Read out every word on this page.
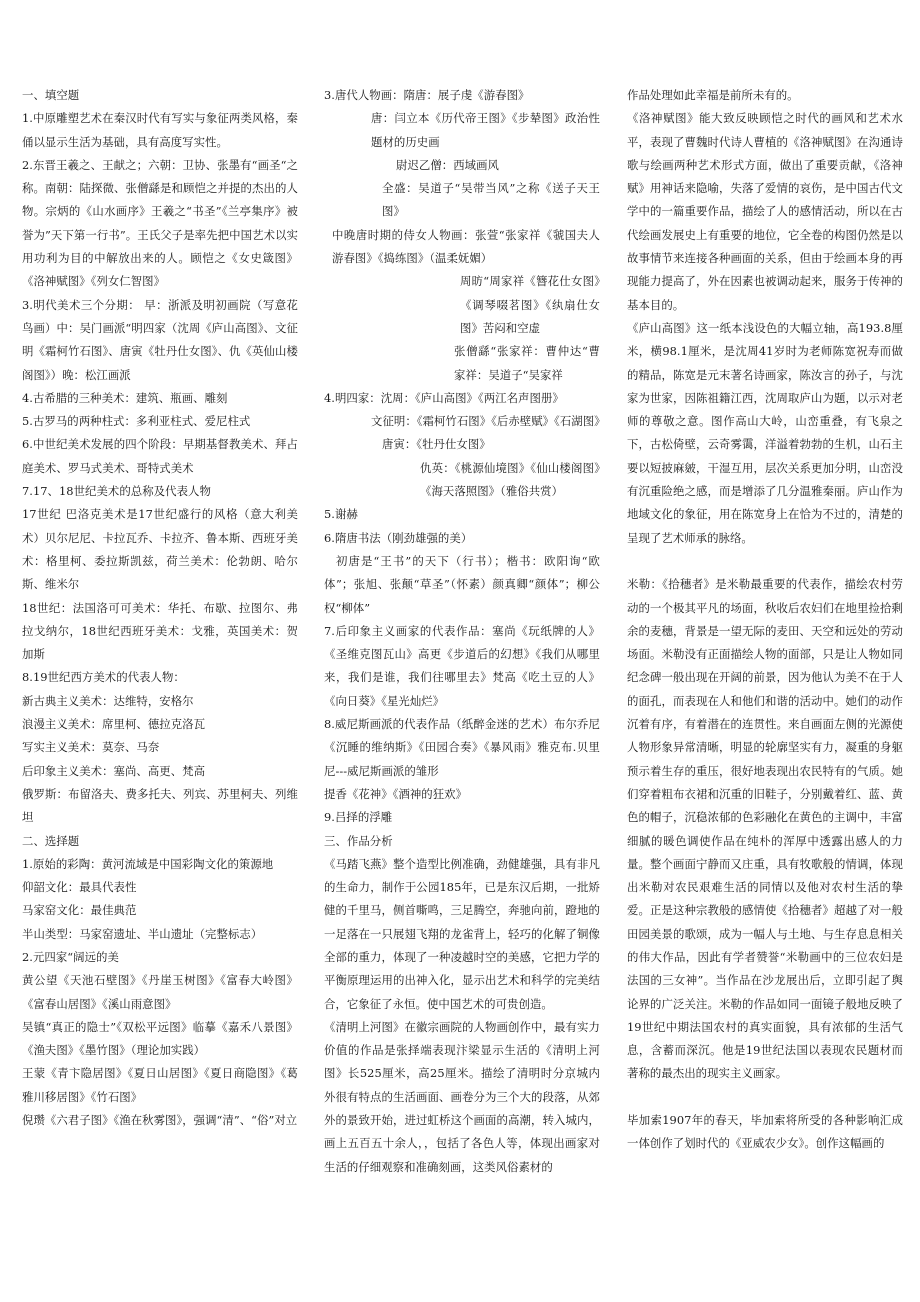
一、填空题

1.中原雕塑艺术在秦汉时代有写实与象征两类风格，秦俑以显示生活为基础，具有高度写实性。

2.东晋王羲之、王献之；六朝：卫协、张墨有“画圣“之称。南朝：陆探微、张僧繇是和顾恺之并提的杰出的人物。宗炳的《山水画序》王羲之“书圣”《兰亭集序》被誉为”天下第一行书”。王氏父子是率先把中国艺术以实用功利为目的中解放出来的人。顾恺之《女史箴图》《洛神赋图》《列女仁智图》

3.明代美术三个分期： 早：浙派及明初画院（写意花鸟画）中：吴门画派“明四家（沈周《庐山高图》、文征明《霜柯竹石图》、唐寅《牡丹仕女图》、仇《英仙山楼阁图》）晚：松江画派

4.古希腊的三种美术：建筑、瓶画、雕刻

5.古罗马的两种柱式：多利亚柱式、爱尼柱式

6.中世纪美术发展的四个阶段：早期基督教美术、拜占庭美术、罗马式美术、哥特式美术

7.17、18世纪美术的总称及代表人物

17世纪 巴洛克美术是17世纪盛行的风格（意大利美术）贝尔尼尼、卡拉瓦乔、卡拉齐、鲁本斯、西班牙美术：格里柯、委拉斯凯兹，荷兰美术：伦勃朗、哈尔斯、维米尔

18世纪：法国洛可可美术：华托、布歇、拉图尔、弗拉戈纳尔，18世纪西班牙美术：戈雅，英国美术：贺加斯

8.19世纪西方美术的代表人物：

新古典主义美术：达维特，安格尔

浪漫主义美术：席里柯、德拉克洛瓦

写实主义美术：莫奈、马奈

后印象主义美术：塞尚、高更、梵高

俄罗斯：布留洛夫、费多托夫、列宾、苏里柯夫、列维坦

二、选择题

1.原始的彩陶：黄河流域是中国彩陶文化的策源地

仰韶文化：最具代表性

马家窑文化：最佳典范

半山类型：马家窑遗址、半山遗址（完整标志）

2.元四家“阔远的美

黄公望《天池石壁图》《丹崖玉树图》《富春大岭图》《富春山居图》《溪山雨意图》

吴镇“真正的隐士”《双松平远图》临摹《嘉禾八景图》《渔夫图》《墨竹图》（理论加实践）

王蒙《青卞隐居图》《夏日山居图》《夏日商隐图》《葛雅川移居图》《竹石图》

倪瓒《六君子图》《渔在秋雾图》，强调“清”、“俗”对立

3.唐代人物画：隋唐：展子虔《游春图》

唐：闫立本《历代帝王图》《步辇图》政治性题材的历史画

尉迟乙僧：西域画风

全盛：吴道子“吴带当风”之称《送子天王图》

中晚唐时期的侍女人物画：张萱“张家祥《虢国夫人游春图》《捣练图》（温柔妩媚）

周昉“周家祥《簪花仕女图》《调琴啜茗图》《纨扇仕女图》苦闷和空虚

张僧繇“张家祥：曹仲达“曹家祥：吴道子“吴家祥

4.明四家：沈周：《庐山高图》《两江名声图册》

文征明：《霜柯竹石图》《后赤壁赋》《石湖图》

唐寅：《牡丹仕女图》

仇英：《桃源仙境图》《仙山楼阁图》《海天落照图》（雅俗共赏）

5.谢赫

6.隋唐书法（刚劲雄强的美）

初唐是“王书”的天下（行书）；楷书：欧阳询“欧体”；张旭、张颠“草圣”（怀素）颜真卿“颜体”；柳公权“柳体”

7.后印象主义画家的代表作品：塞尚《玩纸牌的人》《圣维克图瓦山》高更《步道后的幻想》《我们从哪里来，我们是谁，我们往哪里去》梵高《吃土豆的人》《向日葵》《星光灿烂》

8.威尼斯画派的代表作品（纸醉金迷的艺术）布尔乔尼《沉睡的维纳斯》《田园合奏》《暴风雨》雅克布.贝里尼---威尼斯画派的雏形

提香《花神》《酒神的狂欢》

9.吕择的浮雕

三、作品分析

《马踏飞燕》整个造型比例准确，劲健雄强，具有非凡的生命力，制作于公园185年，已是东汉后期，一批矫健的千里马，侧首嘶鸣，三足腾空，奔驰向前，蹬地的一足落在一只展翅飞翔的龙雀背上，轻巧的化解了铜像全部的重力，体现了一种凌越时空的美感，它把力学的平衡原理运用的出神入化，显示出艺术和科学的完美结合，它象征了永恒。使中国艺术的可贵创造。

《清明上河图》在徽宗画院的人物画创作中，最有实力价值的作品是张择端表现汴梁显示生活的《清明上河图》长525厘米，高25厘米。描绘了清明时分京城内外很有特点的生活画面、画卷分为三个大的段落，从郊外的景致开始，进过虹桥这个画面的高潮，转入城内，画上五百五十余人，，包括了各色人等，体现出画家对生活的仔细观察和准确刻画，这类风俗素材的

作品处理如此幸福是前所未有的。

《洛神赋图》能大致反映顾恺之时代的画风和艺术水平，表现了曹魏时代诗人曹植的《洛神赋图》在沟通诗歌与绘画两种艺术形式方面，做出了重要贡献，《洛神赋》用神话来隐喻，失落了爱情的哀伤，是中国古代文学中的一篇重要作品，描绘了人的感情活动，所以在古代绘画发展史上有重要的地位，它全卷的构图仍然是以故事情节来连接各种画面的关系，但由于绘画本身的再现能力提高了，外在因素也被调动起来，服务于传神的基本目的。

《庐山高图》这一纸本浅设色的大幅立轴，高193.8厘米，横98.1厘米，是沈周41岁时为老师陈宽祝寿而做的精品，陈宽是元末著名诗画家，陈汝言的孙子，与沈家为世家，因陈祖籍江西，沈周取庐山为题，以示对老师的尊敬之意。图作高山大岭，山峦重叠，有飞泉之下，古松倚壁，云奇雾霭，洋溢着勃勃的生机，山石主要以短披麻皴，干湿互用，层次关系更加分明，山峦没有沉重险绝之感，而是增添了几分温雅秦丽。庐山作为地域文化的象征，用在陈宽身上在恰为不过的，清楚的呈现了艺术师承的脉络。

米勒：《拾穗者》是米勒最重要的代表作，描绘农村劳动的一个极其平凡的场面，秋收后农妇们在地里捡拾剩余的麦穗，背景是一望无际的麦田、天空和远处的劳动场面。米勒没有正面描绘人物的面部，只是让人物如同纪念碑一般出现在开阔的前景，因为他认为美不在于人的面孔，而表现在人和他们和谐的活动中。她们的动作沉着有序，有着潜在的连贯性。来自画面左侧的光源使人物形象异常清晰，明显的轮廓坚实有力，凝重的身躯预示着生存的重压，很好地表现出农民特有的气质。她们穿着粗布衣裙和沉重的旧鞋子，分别戴着红、蓝、黄色的帽子，沉稳浓郁的色彩融化在黄色的主调中，丰富细腻的暖色调使作品在纯朴的浑厚中透露出感人的力量。整个画面宁静而又庄重，具有牧歌般的情调，体现出米勒对农民艰难生活的同情以及他对农村生活的挚爱。正是这种宗教般的感情使《拾穗者》超越了对一般田园美景的歌颂，成为一幅人与土地、与生存息息相关的伟大作品，因此有学者赞誉“米勒画中的三位农妇是法国的三女神”。当作品在沙龙展出后，立即引起了舆论界的广泛关注。米勒的作品如同一面镜子般地反映了19世纪中期法国农村的真实面貌，具有浓郁的生活气息，含蓄而深沉。他是19世纪法国以表现农民题材而著称的最杰出的现实主义画家。

毕加索1907年的春天，毕加索将所受的各种影响汇成一体创作了划时代的《亚威农少女》。创作这幅画的
